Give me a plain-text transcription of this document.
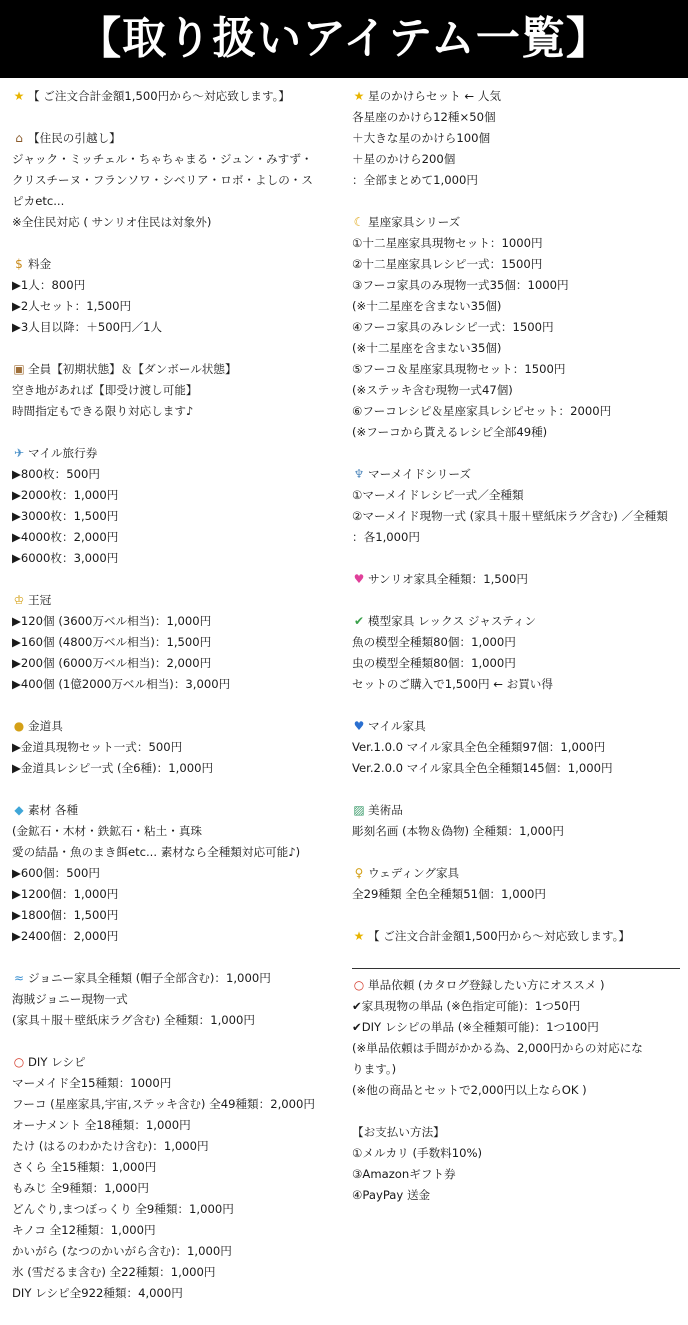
【取り扱いアイテム一覧】
★ 【 ご注文合計金額1,500円から〜対応致します。】
⌂ 【住民の引越し】
ジャック・ミッチェル・ちゃちゃまる・ジュン・みすず・
クリスチーヌ・フランソワ・シベリア・ロボ・よしの・ス
ピカetc...
※全住民対応 ( サンリオ住民は対象外)
$ 料金
▶1人：800円
▶2人セット：1,500円
▶3人目以降：＋500円／1人
▣ 全員【初期状態】＆【ダンボール状態】
空き地があれば【即受け渡し可能】
時間指定もできる限り対応します♪
✈ マイル旅行券
▶800枚：500円
▶2000枚：1,000円
▶3000枚：1,500円
▶4000枚：2,000円
▶6000枚：3,000円
♔ 王冠
▶120個 (3600万ベル相当)：1,000円
▶160個 (4800万ベル相当)：1,500円
▶200個 (6000万ベル相当)：2,000円
▶400個 (1億2000万ベル相当)：3,000円
● 金道具
▶金道具現物セット一式：500円
▶金道具レシピ一式 (全6種)：1,000円
◆ 素材 各種
(金鉱石・木材・鉄鉱石・粘土・真珠
愛の結晶・魚のまき餌etc... 素材なら全種類対応可能♪)
▶600個：500円
▶1200個：1,000円
▶1800個：1,500円
▶2400個：2,000円
≈ ジョニー家具全種類 (帽子全部含む)：1,000円
海賊ジョニー現物一式
(家具＋服＋壁紙床ラグ含む) 全種類：1,000円
○ DIY レシピ
マーメイド全15種類：1000円
フーコ (星座家具,宇宙,ステッキ含む) 全49種類：2,000円
オーナメント 全18種類：1,000円
たけ (はるのわかたけ含む)：1,000円
さくら 全15種類：1,000円
もみじ 全9種類：1,000円
どんぐり,まつぼっくり 全9種類：1,000円
キノコ 全12種類：1,000円
かいがら (なつのかいがら含む)：1,000円
氷 (雪だるま含む) 全22種類：1,000円
DIY レシピ全922種類：4,000円
★ 星のかけらセット ← 人気
各星座のかけら12種×50個
＋大きな星のかけら100個
＋星のかけら200個
：全部まとめて1,000円
☾ 星座家具シリーズ
①十二星座家具現物セット：1000円
②十二星座家具レシピ一式：1500円
③フーコ家具のみ現物一式35個：1000円
(※十二星座を含まない35個)
④フーコ家具のみレシピ一式：1500円
(※十二星座を含まない35個)
⑤フーコ＆星座家具現物セット：1500円
(※ステッキ含む現物一式47個)
⑥フーコレシピ＆星座家具レシピセット：2000円
(※フーコから貰えるレシピ全部49種)
♆ マーメイドシリーズ
①マーメイドレシピ一式／全種類
②マーメイド現物一式 (家具＋服＋壁紙床ラグ含む) ／全種類
：各1,000円
♥ サンリオ家具全種類：1,500円
✔ 模型家具 レックス ジャスティン
魚の模型全種類80個：1,000円
虫の模型全種類80個：1,000円
セットのご購入で1,500円 ← お買い得
♥ マイル家具
Ver.1.0.0 マイル家具全色全種類97個：1,000円
Ver.2.0.0 マイル家具全色全種類145個：1,000円
▨ 美術品
彫刻名画 (本物＆偽物) 全種類：1,000円
♀ ウェディング家具
全29種類 全色全種類51個：1,000円
★ 【 ご注文合計金額1,500円から〜対応致します。】
○ 単品依頼 (カタログ登録したい方にオススメ )
✔家具現物の単品 (※色指定可能)：1つ50円
✔DIY レシピの単品 (※全種類可能)：1つ100円
(※単品依頼は手間がかかる為、2,000円からの対応にな
ります。)
(※他の商品とセットで2,000円以上ならOK )
【お支払い方法】
①メルカリ (手数料10%)
③Amazonギフト券
④PayPay 送金
